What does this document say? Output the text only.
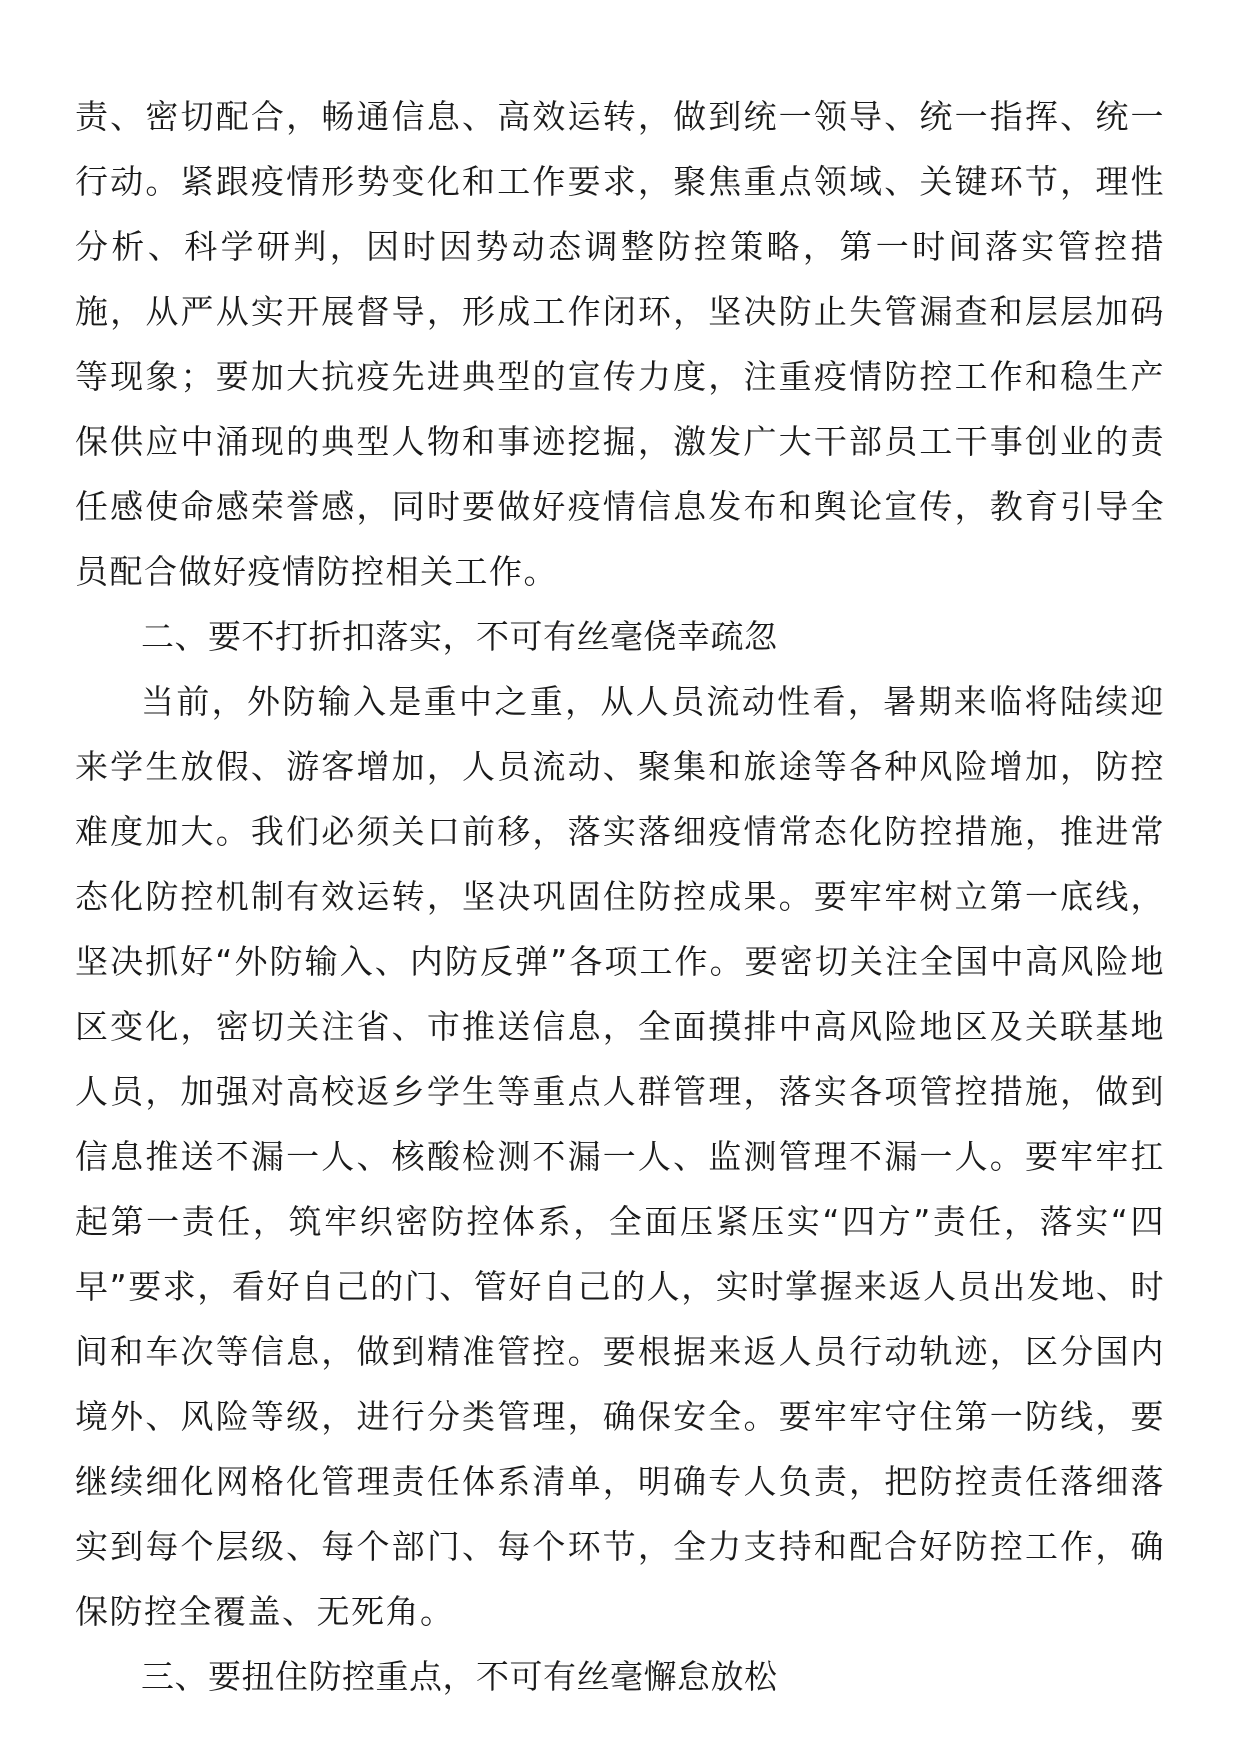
责、密切配合，畅通信息、高效运转，做到统一领导、统一指挥、统一行动。紧跟疫情形势变化和工作要求，聚焦重点领域、关键环节，理性分析、科学研判，因时因势动态调整防控策略，第一时间落实管控措施，从严从实开展督导，形成工作闭环，坚决防止失管漏查和层层加码等现象；要加大抗疫先进典型的宣传力度，注重疫情防控工作和稳生产保供应中涌现的典型人物和事迹挖掘，激发广大干部员工干事创业的责任感使命感荣誉感，同时要做好疫情信息发布和舆论宣传，教育引导全员配合做好疫情防控相关工作。

二、要不打折扣落实，不可有丝毫侥幸疏忽

当前，外防输入是重中之重，从人员流动性看，暑期来临将陆续迎来学生放假、游客增加，人员流动、聚集和旅途等各种风险增加，防控难度加大。我们必须关口前移，落实落细疫情常态化防控措施，推进常态化防控机制有效运转，坚决巩固住防控成果。要牢牢树立第一底线，坚决抓好“外防输入、内防反弹”各项工作。要密切关注全国中高风险地区变化，密切关注省、市推送信息，全面摸排中高风险地区及关联基地人员，加强对高校返乡学生等重点人群管理，落实各项管控措施，做到信息推送不漏一人、核酸检测不漏一人、监测管理不漏一人。要牢牢扛起第一责任，筑牢织密防控体系，全面压紧压实“四方”责任，落实“四早”要求，看好自己的门、管好自己的人，实时掌握来返人员出发地、时间和车次等信息，做到精准管控。要根据来返人员行动轨迹，区分国内境外、风险等级，进行分类管理，确保安全。要牢牢守住第一防线，要继续细化网格化管理责任体系清单，明确专人负责，把防控责任落细落实到每个层级、每个部门、每个环节，全力支持和配合好防控工作，确保防控全覆盖、无死角。

三、要扭住防控重点，不可有丝毫懈怠放松
